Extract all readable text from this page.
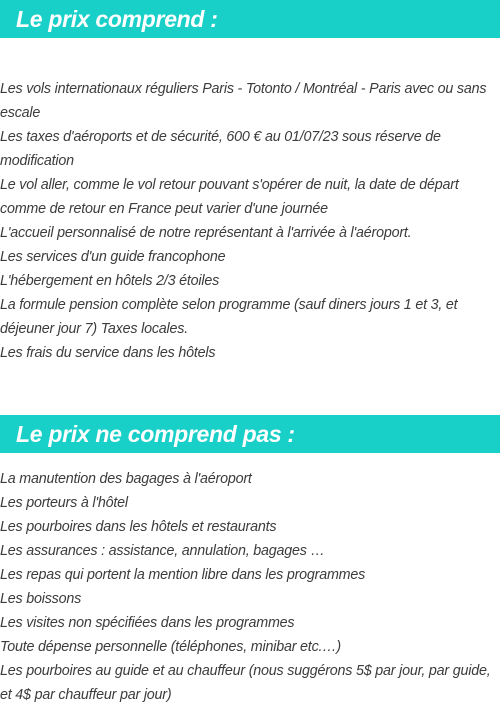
Le prix comprend :
Les vols internationaux réguliers Paris - Totonto / Montréal - Paris avec ou sans escale
Les taxes d'aéroports et de sécurité, 600 € au 01/07/23 sous réserve de modification
Le vol aller, comme le vol retour pouvant s'opérer de nuit, la date de départ comme de retour en France peut varier d'une journée
L'accueil personnalisé de notre représentant à l'arrivée à l'aéroport.
Les services d'un guide francophone
L'hébergement en hôtels 2/3 étoiles
La formule pension complète selon programme (sauf diners jours 1 et 3, et déjeuner jour 7) Taxes locales.
Les frais du service dans les hôtels
Le prix ne comprend pas :
La manutention des bagages à l'aéroport
Les porteurs à l'hôtel
Les pourboires dans les hôtels et restaurants
Les assurances : assistance, annulation, bagages …
Les repas qui portent la mention libre dans les programmes
Les boissons
Les visites non spécifiées dans les programmes
Toute dépense personnelle (téléphones, minibar etc.…)
Les pourboires au guide et au chauffeur (nous suggérons 5$ par jour, par guide, et 4$ par chauffeur par jour)
